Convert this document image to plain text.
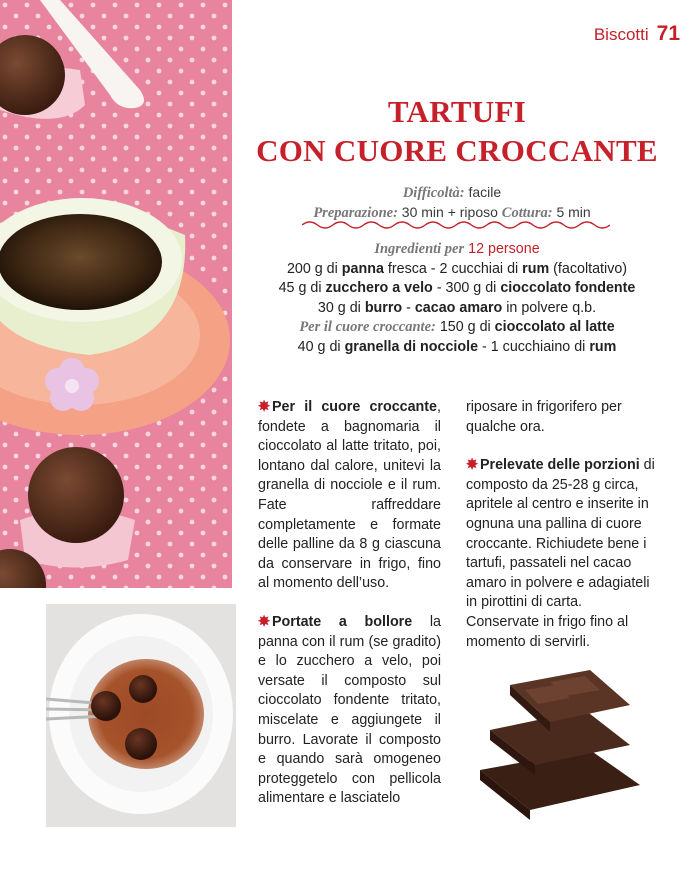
Biscotti 71
TARTUFI
CON CUORE CROCCANTE
Difficoltà: facile
Preparazione: 30 min + riposo Cottura: 5 min
Ingredienti per 12 persone
200 g di panna fresca - 2 cucchiai di rum (facoltativo)
45 g di zucchero a velo - 300 g di cioccolato fondente
30 g di burro - cacao amaro in polvere q.b.
Per il cuore croccante: 150 g di cioccolato al latte
40 g di granella di nocciole - 1 cucchiaino di rum

✸ Per il cuore croccante, fondete a bagnomaria il cioccolato al latte tritato, poi, lontano dal calore, unitevi la granella di nocciole e il rum. Fate raffreddare completamente e formate delle palline da 8 g ciascuna da conservare in frigo, fino al momento dell’uso.

✸ Portate a bollore la panna con il rum (se gradito) e lo zucchero a velo, poi versate il composto sul cioccolato fondente tritato, miscelate e aggiungete il burro. Lavorate il composto e quando sarà omogeneo proteggetelo con pellicola alimentare e lasciatelo

riposare in frigorifero per qualche ora.

✸ Prelevate delle porzioni di composto da 25-28 g circa, apritele al centro e inserite in ognuna una pallina di cuore croccante. Richiudete bene i tartufi, passateli nel cacao amaro in polvere e adagiateli in pirottini di carta. Conservate in frigo fino al momento di servirli.
